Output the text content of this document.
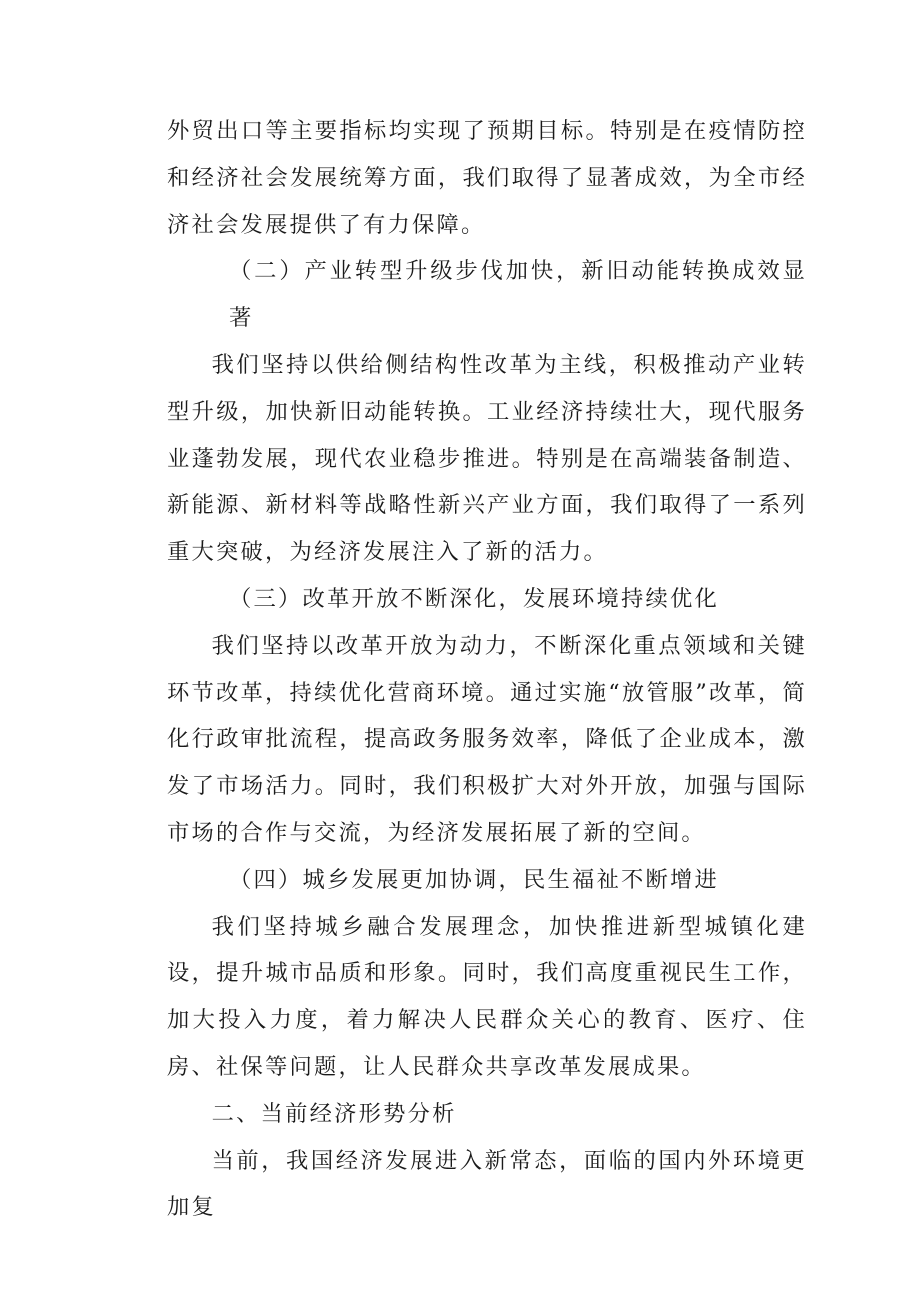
外贸出口等主要指标均实现了预期目标。特别是在疫情防控和经济社会发展统筹方面，我们取得了显著成效，为全市经济社会发展提供了有力保障。

（二）产业转型升级步伐加快，新旧动能转换成效显著

我们坚持以供给侧结构性改革为主线，积极推动产业转型升级，加快新旧动能转换。工业经济持续壮大，现代服务业蓬勃发展，现代农业稳步推进。特别是在高端装备制造、新能源、新材料等战略性新兴产业方面，我们取得了一系列重大突破，为经济发展注入了新的活力。

（三）改革开放不断深化，发展环境持续优化

我们坚持以改革开放为动力，不断深化重点领域和关键环节改革，持续优化营商环境。通过实施“放管服”改革，简化行政审批流程，提高政务服务效率，降低了企业成本，激发了市场活力。同时，我们积极扩大对外开放，加强与国际市场的合作与交流，为经济发展拓展了新的空间。

（四）城乡发展更加协调，民生福祉不断增进

我们坚持城乡融合发展理念，加快推进新型城镇化建设，提升城市品质和形象。同时，我们高度重视民生工作，加大投入力度，着力解决人民群众关心的教育、医疗、住房、社保等问题，让人民群众共享改革发展成果。

二、当前经济形势分析

当前，我国经济发展进入新常态，面临的国内外环境更加复
